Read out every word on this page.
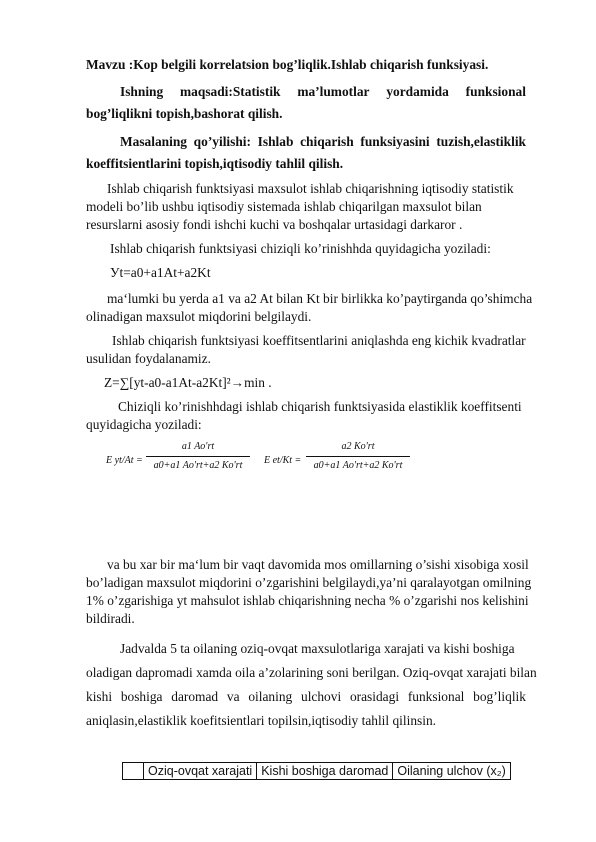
Mavzu :Kop belgili korrelatsion bog’liqlik.Ishlab chiqarish funksiyasi.
Ishning maqsadi:Statistik ma’lumotlar yordamida funksional
bog’liqlikni topish,bashorat qilish.
Masalaning qo’yilishi: Ishlab chiqarish funksiyasini tuzish,elastiklik
koeffitsientlarini topish,iqtisodiy tahlil qilish.
Ishlab chiqarish funktsiyasi maxsulot ishlab chiqarishning iqtisodiy statistik
modeli bo’lib ushbu iqtisodiy sistemada ishlab chiqarilgan maxsulot bilan
resurslarni asosiy fondi ishchi kuchi va boshqalar urtasidagi darkaror .
Ishlab chiqarish funktsiyasi chiziqli ko’rinishhda quyidagicha yoziladi:
Уt=a0+a1At+a2Kt
ma‘lumki bu yerda a1 va a2 At bilan Kt bir birlikka ko’paytirganda qo’shimcha
olinadigan maxsulot miqdorini belgilaydi.
Ishlab chiqarish funktsiyasi koeffitsentlarini aniqlashda eng kichik kvadratlar
usulidan foydalanamiz.
Z=∑[yt-a0-a1At-a2Kt]²→min .
Chiziqli ko’rinishhdagi ishlab chiqarish funktsiyasida elastiklik koeffitsenti
quyidagicha yoziladi:
E yt/At =
a1 Aо'rt
a0+a1 Aо'rt+a2 Kо'rt	E et/Kt =
a2 Kо'rt
a0+a1 Aо'rt+a2 Kо'rt
va bu xar bir ma‘lum bir vaqt davomida mos omillarning o’sishi xisobiga xosil
bo’ladigan maxsulot miqdorini o’zgarishini belgilaydi,ya’ni qaralayotgan omilning
1% o’zgarishiga yt mahsulot ishlab chiqarishning necha % o’zgarishi nos kelishini
bildiradi.
Jadvalda 5 ta oilaning oziq-ovqat maxsulotlariga xarajati va kishi boshiga
oladigan dapromadi xamda oila a’zolarining soni berilgan. Oziq-ovqat xarajati bilan
kishi boshiga daromad va oilaning ulchovi orasidagi funksional bog’liqlik
aniqlasin,elastiklik koefitsientlari topilsin,iqtisodiy tahlil qilinsin.
	Oziq-ovqat xarajati	Kishi boshiga daromad	Oilaning ulchov (x₂)
